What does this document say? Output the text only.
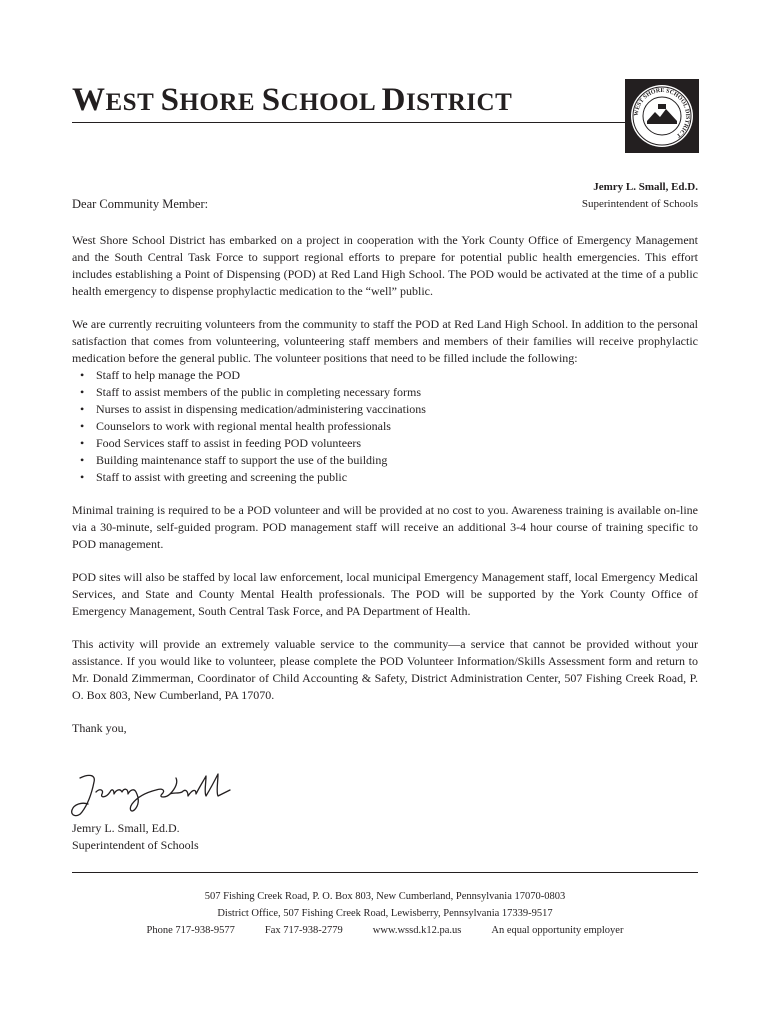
WEST SHORE SCHOOL DISTRICT	WEST SHORE SCHOOL DISTRICT
Jemry L. Small, Ed.D.
Superintendent of Schools
Dear Community Member:

West Shore School District has embarked on a project in cooperation with the York County Office of Emergency Management and the South Central Task Force to support regional efforts to prepare for potential public health emergencies. This effort includes establishing a Point of Dispensing (POD) at Red Land High School. The POD would be activated at the time of a public health emergency to dispense prophylactic medication to the “well” public.

We are currently recruiting volunteers from the community to staff the POD at Red Land High School. In addition to the personal satisfaction that comes from volunteering, volunteering staff members and members of their families will receive prophylactic medication before the general public. The volunteer positions that need to be filled include the following:

• Staff to help manage the POD
• Staff to assist members of the public in completing necessary forms
• Nurses to assist in dispensing medication/administering vaccinations
• Counselors to work with regional mental health professionals
• Food Services staff to assist in feeding POD volunteers
• Building maintenance staff to support the use of the building
• Staff to assist with greeting and screening the public

Minimal training is required to be a POD volunteer and will be provided at no cost to you. Awareness training is available on-line via a 30-minute, self-guided program. POD management staff will receive an additional 3-4 hour course of training specific to POD management.

POD sites will also be staffed by local law enforcement, local municipal Emergency Management staff, local Emergency Medical Services, and State and County Mental Health professionals. The POD will be supported by the York County Office of Emergency Management, South Central Task Force, and PA Department of Health.

This activity will provide an extremely valuable service to the community—a service that cannot be provided without your assistance. If you would like to volunteer, please complete the POD Volunteer Information/Skills Assessment form and return to Mr. Donald Zimmerman, Coordinator of Child Accounting & Safety, District Administration Center, 507 Fishing Creek Road, P. O. Box 803, New Cumberland, PA 17070.

Thank you,

Jemry L. Small, Ed.D.
Superintendent of Schools
507 Fishing Creek Road, P. O. Box 803, New Cumberland, Pennsylvania 17070-0803
District Office, 507 Fishing Creek Road, Lewisberry, Pennsylvania 17339-9517
Phone 717-938-9577	Fax 717-938-2779	www.wssd.k12.pa.us	An equal opportunity employer
